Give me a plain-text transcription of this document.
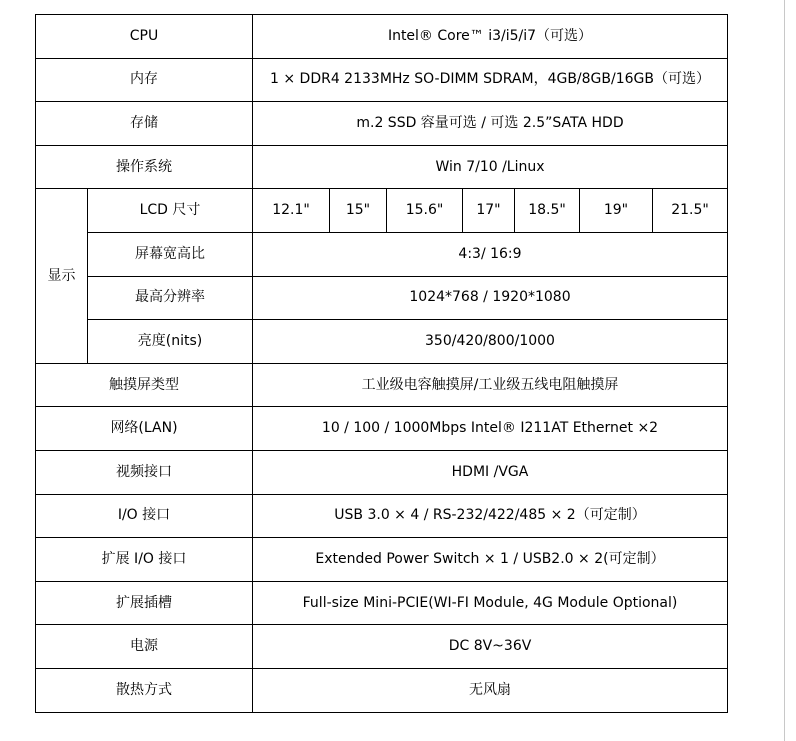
CPU		Intel® Core™ i3/i5/i7（可选）						
内存		1 × DDR4 2133MHz SO-DIMM SDRAM，4GB/8GB/16GB（可选）						
存储		m.2 SSD 容量可选 / 可选 2.5”SATA HDD						
操作系统		Win 7/10 /Linux						
显示	LCD 尺寸	12.1"	15"	15.6"	17"	18.5"	19"	21.5"
	屏幕宽高比	4:3/ 16:9						
	最高分辨率	1024*768 / 1920*1080						
	亮度(nits)	350/420/800/1000						
触摸屏类型		工业级电容触摸屏/工业级五线电阻触摸屏						
网络(LAN)		10 / 100 / 1000Mbps Intel® I211AT Ethernet ×2						
视频接口		HDMI /VGA						
I/O 接口		USB 3.0 × 4 / RS-232/422/485 × 2（可定制）						
扩展 I/O 接口		Extended Power Switch × 1 / USB2.0 × 2(可定制）						
扩展插槽		Full-size Mini-PCIE(WI-FI Module, 4G Module Optional)						
电源		DC 8V~36V						
散热方式		无风扇						
